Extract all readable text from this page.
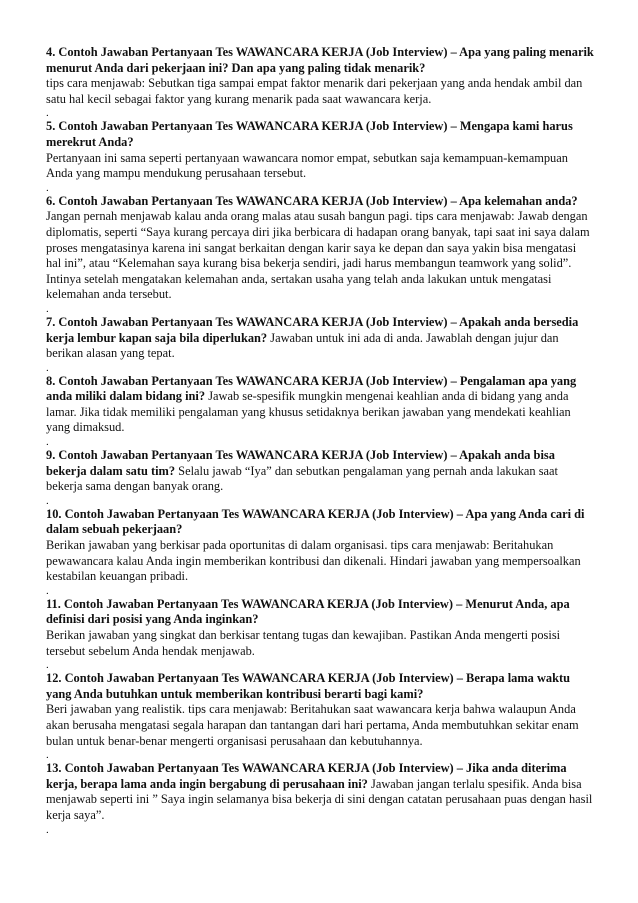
4. Contoh Jawaban Pertanyaan Tes WAWANCARA KERJA (Job Interview) – Apa yang paling menarik menurut Anda dari pekerjaan ini? Dan apa yang paling tidak menarik?
tips cara menjawab: Sebutkan tiga sampai empat faktor menarik dari pekerjaan yang anda hendak ambil dan satu hal kecil sebagai faktor yang kurang menarik pada saat wawancara kerja.
.
5. Contoh Jawaban Pertanyaan Tes WAWANCARA KERJA (Job Interview) – Mengapa kami harus merekrut Anda?
Pertanyaan ini sama seperti pertanyaan wawancara nomor empat, sebutkan saja kemampuan-kemampuan Anda yang mampu mendukung perusahaan tersebut.
.
6. Contoh Jawaban Pertanyaan Tes WAWANCARA KERJA (Job Interview) – Apa kelemahan anda? Jangan pernah menjawab kalau anda orang malas atau susah bangun pagi. tips cara menjawab: Jawab dengan diplomatis, seperti “Saya kurang percaya diri jika berbicara di hadapan orang banyak, tapi saat ini saya dalam proses mengatasinya karena ini sangat berkaitan dengan karir saya ke depan dan saya yakin bisa mengatasi hal ini”, atau “Kelemahan saya kurang bisa bekerja sendiri, jadi harus membangun teamwork yang solid”. Intinya setelah mengatakan kelemahan anda, sertakan usaha yang telah anda lakukan untuk mengatasi kelemahan anda tersebut.
.
7. Contoh Jawaban Pertanyaan Tes WAWANCARA KERJA (Job Interview) – Apakah anda bersedia kerja lembur kapan saja bila diperlukan? Jawaban untuk ini ada di anda. Jawablah dengan jujur dan berikan alasan yang tepat.
.
8. Contoh Jawaban Pertanyaan Tes WAWANCARA KERJA (Job Interview) – Pengalaman apa yang anda miliki dalam bidang ini? Jawab se-spesifik mungkin mengenai keahlian anda di bidang yang anda lamar. Jika tidak memiliki pengalaman yang khusus setidaknya berikan jawaban yang mendekati keahlian yang dimaksud.
.
9. Contoh Jawaban Pertanyaan Tes WAWANCARA KERJA (Job Interview) – Apakah anda bisa bekerja dalam satu tim? Selalu jawab “Iya” dan sebutkan pengalaman yang pernah anda lakukan saat bekerja sama dengan banyak orang.
.
10. Contoh Jawaban Pertanyaan Tes WAWANCARA KERJA (Job Interview) – Apa yang Anda cari di dalam sebuah pekerjaan?
Berikan jawaban yang berkisar pada oportunitas di dalam organisasi. tips cara menjawab: Beritahukan pewawancara kalau Anda ingin memberikan kontribusi dan dikenali. Hindari jawaban yang mempersoalkan kestabilan keuangan pribadi.
.
11. Contoh Jawaban Pertanyaan Tes WAWANCARA KERJA (Job Interview) – Menurut Anda, apa definisi dari posisi yang Anda inginkan?
Berikan jawaban yang singkat dan berkisar tentang tugas dan kewajiban. Pastikan Anda mengerti posisi tersebut sebelum Anda hendak menjawab.
.
12. Contoh Jawaban Pertanyaan Tes WAWANCARA KERJA (Job Interview) – Berapa lama waktu yang Anda butuhkan untuk memberikan kontribusi berarti bagi kami?
Beri jawaban yang realistik. tips cara menjawab: Beritahukan saat wawancara kerja bahwa walaupun Anda akan berusaha mengatasi segala harapan dan tantangan dari hari pertama, Anda membutuhkan sekitar enam bulan untuk benar-benar mengerti organisasi perusahaan dan kebutuhannya.
.
13. Contoh Jawaban Pertanyaan Tes WAWANCARA KERJA (Job Interview) – Jika anda diterima kerja, berapa lama anda ingin bergabung di perusahaan ini? Jawaban jangan terlalu spesifik. Anda bisa menjawab seperti ini ” Saya ingin selamanya bisa bekerja di sini dengan catatan perusahaan puas dengan hasil kerja saya”.
.
